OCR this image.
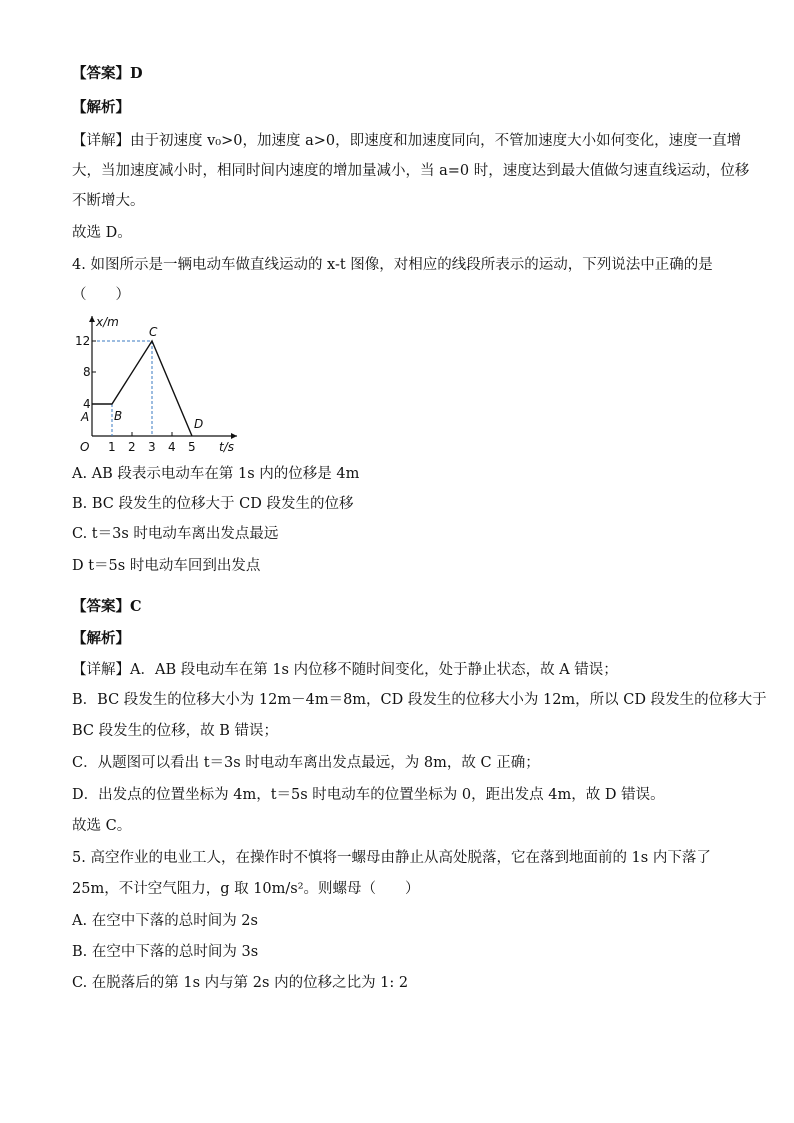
【答案】D
【解析】
【详解】由于初速度 v₀>0，加速度 a>0，即速度和加速度同向，不管加速度大小如何变化，速度一直增
大，当加速度减小时，相同时间内速度的增加量减小，当 a=0 时，速度达到最大值做匀速直线运动，位移
不断增大。
故选 D。
4. 如图所示是一辆电动车做直线运动的 x-t 图像，对相应的线段所表示的运动，下列说法中正确的是
（　　）
x/m
t/s
O
4
8
12
1 2 3 4 5
A B
C
D
A. AB 段表示电动车在第 1s 内的位移是 4m
B. BC 段发生的位移大于 CD 段发生的位移
C. t＝3s 时电动车离出发点最远
D t＝5s 时电动车回到出发点
【答案】C
【解析】
【详解】A．AB 段电动车在第 1s 内位移不随时间变化，处于静止状态，故 A 错误；
B．BC 段发生的位移大小为 12m－4m＝8m，CD 段发生的位移大小为 12m，所以 CD 段发生的位移大于
BC 段发生的位移，故 B 错误；
C．从题图可以看出 t＝3s 时电动车离出发点最远，为 8m，故 C 正确；
D．出发点的位置坐标为 4m，t＝5s 时电动车的位置坐标为 0，距出发点 4m，故 D 错误。
故选 C。
5. 高空作业的电业工人，在操作时不慎将一螺母由静止从高处脱落，它在落到地面前的 1s 内下落了
25m，不计空气阻力，g 取 10m/s²。则螺母（　　）
A. 在空中下落的总时间为 2s
B. 在空中下落的总时间为 3s
C. 在脱落后的第 1s 内与第 2s 内的位移之比为 1: 2
